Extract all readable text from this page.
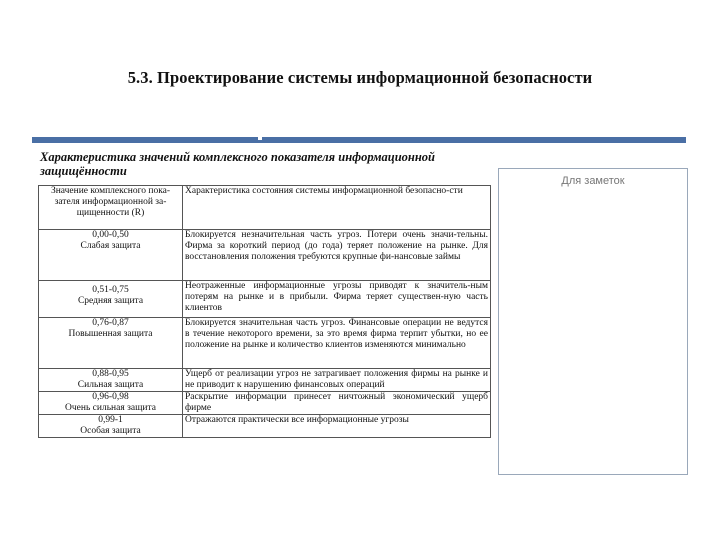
5.3. Проектирование системы информационной безопасности
Характеристика значений комплексного показателя информационной защищённости
Для заметок
Значение комплексного пока-зателя информационной за-щищенности (R)	Характеристика состояния системы информационной безопасно-сти

0,00-0,50
Слабая защита	Блокируется незначительная часть угроз. Потери очень значи-тельны. Фирма за короткий период (до года) теряет положение на рынке. Для восстановления положения требуются крупные фи-нансовые займы

0,51-0,75
Средняя защита	Неотраженные информационные угрозы приводят к значитель-ным потерям на рынке и в прибыли. Фирма теряет существен-ную часть клиентов

0,76-0,87
Повышенная защита	Блокируется значительная часть угроз. Финансовые операции не ведутся в течение некоторого времени, за это время фирма терпит убытки, но ее положение на рынке и количество клиентов изменяются минимально

0,88-0,95
Сильная защита	Ущерб от реализации угроз не затрагивает положения фирмы на рынке и не приводит к нарушению финансовых операций

0,96-0,98
Очень сильная защита	Раскрытие информации принесет ничтожный экономический ущерб фирме

0,99-1
Особая защита	Отражаются практически все информационные угрозы
